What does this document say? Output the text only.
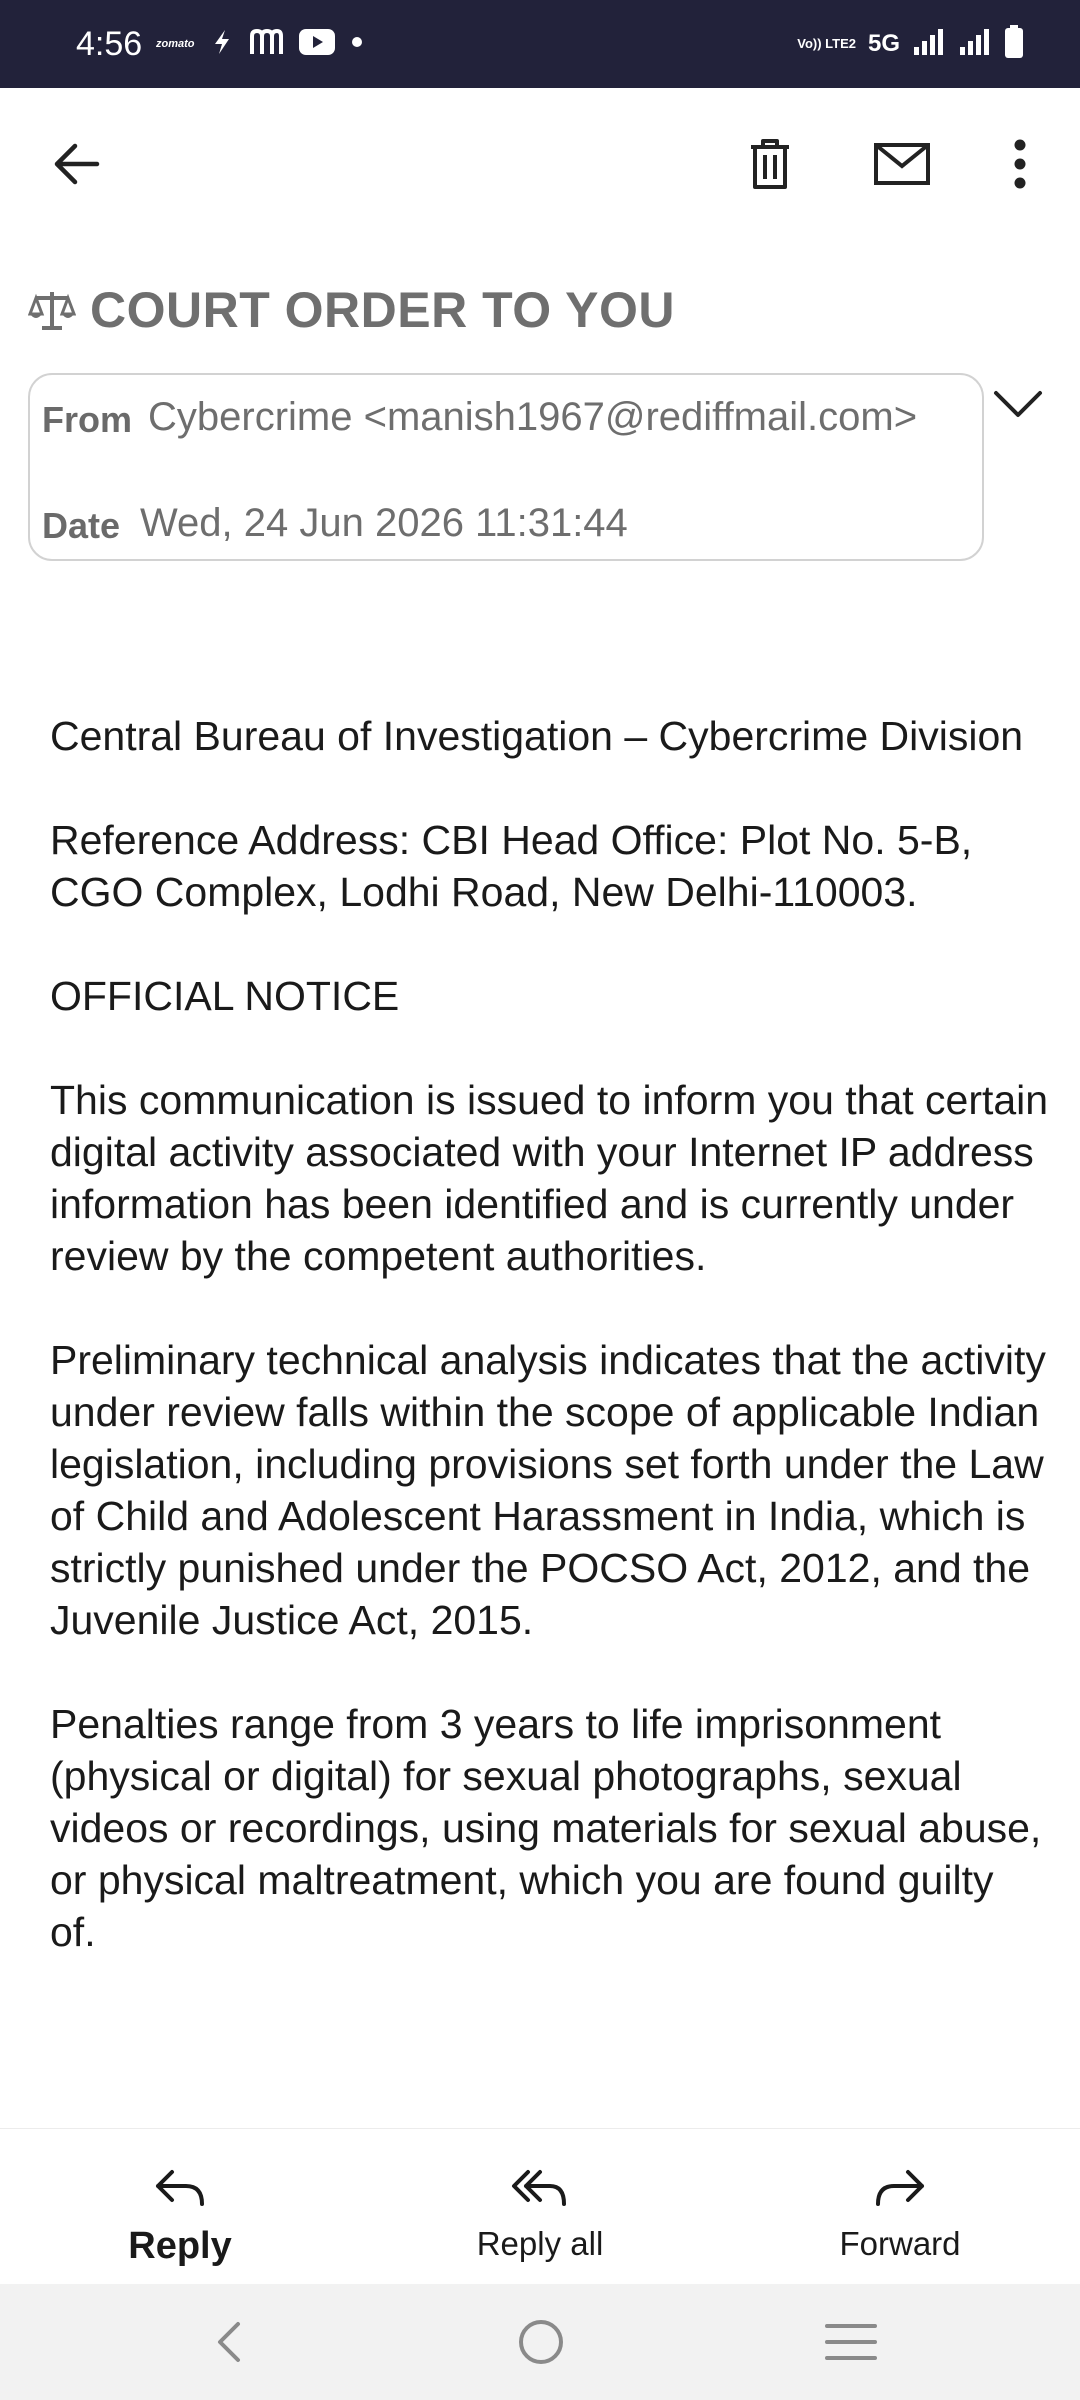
4:56 zomato	Vo)) LTE2 5G
COURT ORDER TO YOU
From Cybercrime <manish1967@rediffmail.com>
Date Wed, 24 Jun 2026 11:31:44

Central Bureau of Investigation – Cybercrime Division

Reference Address: CBI Head Office: Plot No. 5-B, CGO Complex, Lodhi Road, New Delhi-110003.

OFFICIAL NOTICE

This communication is issued to inform you that certain digital activity associated with your Internet IP address information has been identified and is currently under review by the competent authorities.

Preliminary technical analysis indicates that the activity under review falls within the scope of applicable Indian legislation, including provisions set forth under the Law of Child and Adolescent Harassment in India, which is strictly punished under the POCSO Act, 2012, and the Juvenile Justice Act, 2015.

Penalties range from 3 years to life imprisonment (physical or digital) for sexual photographs, sexual videos or recordings, using materials for sexual abuse, or physical maltreatment, which you are found guilty of.

Reply	Reply all	Forward
